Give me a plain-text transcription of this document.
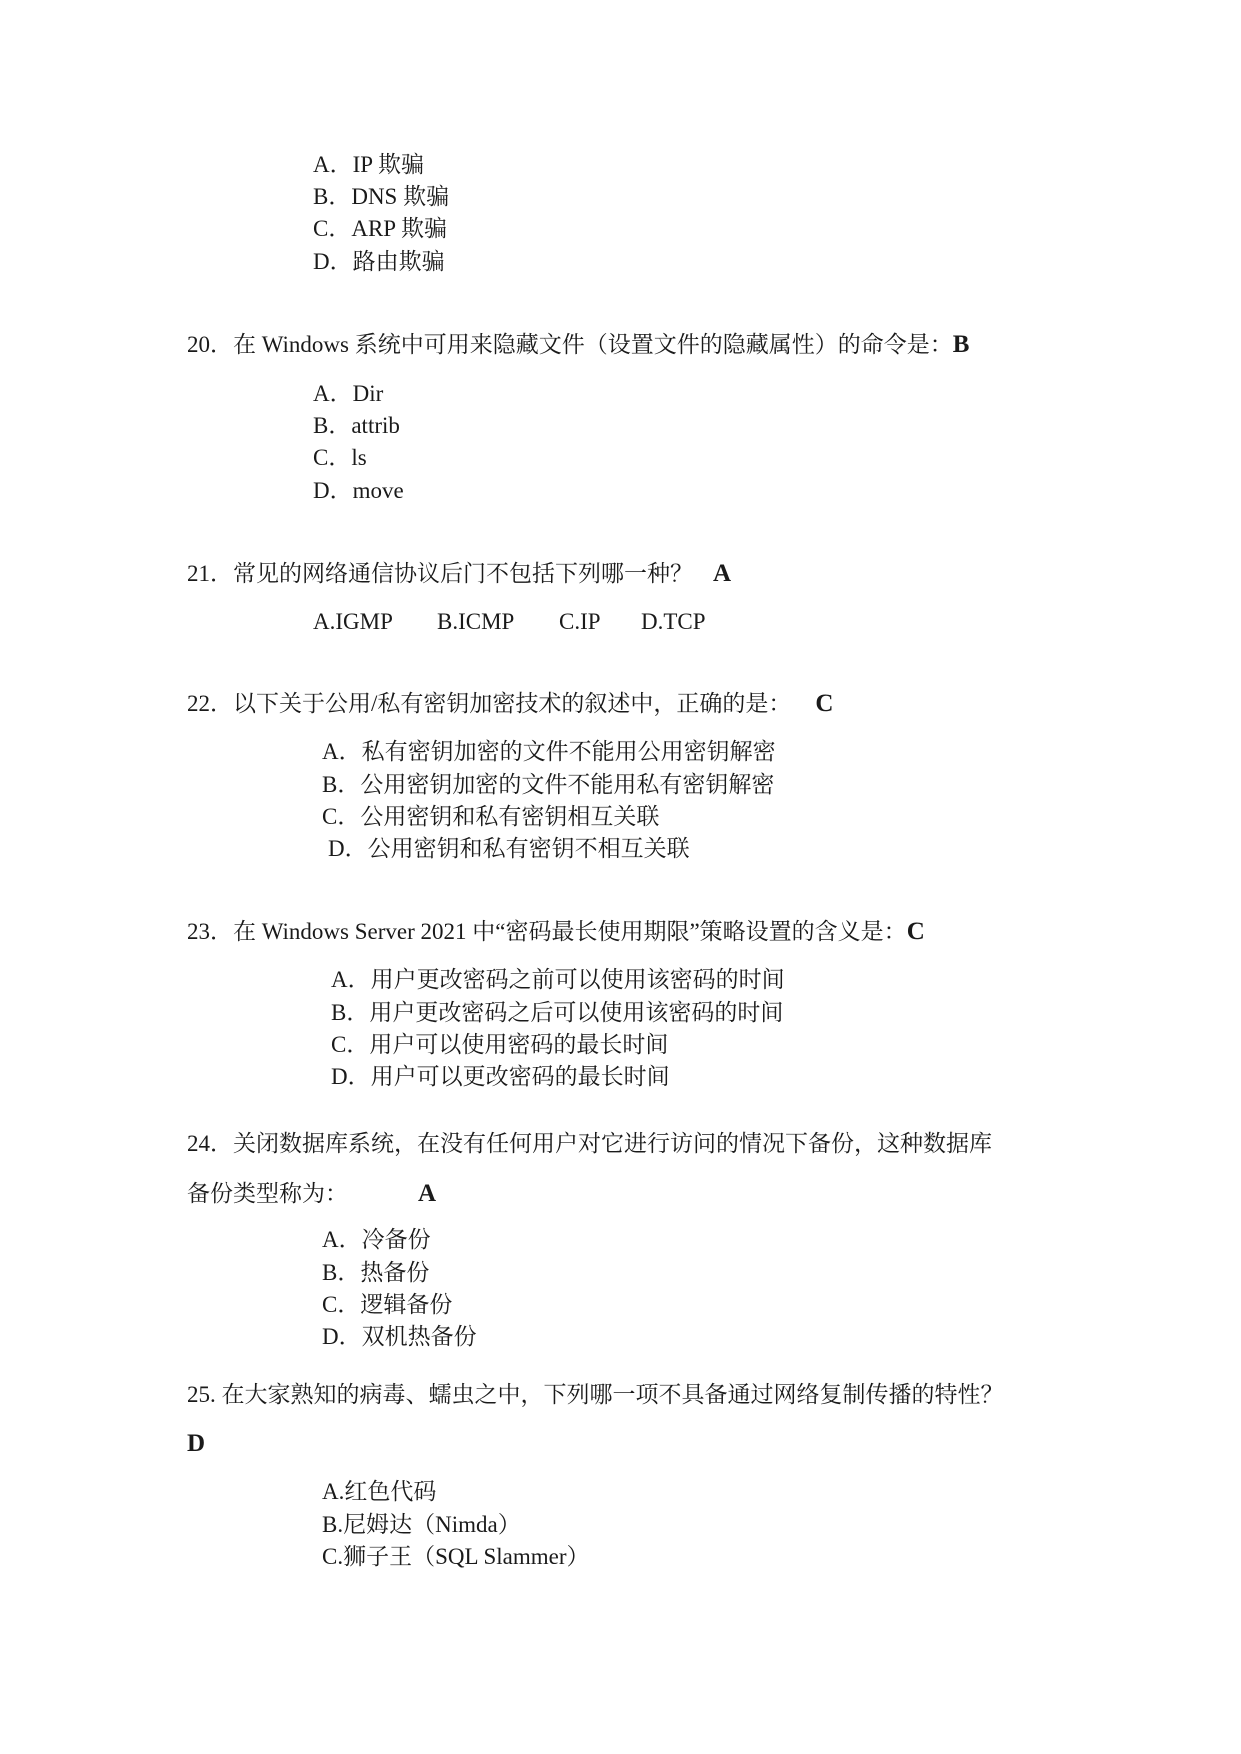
A．IP 欺骗
B．DNS 欺骗
C．ARP 欺骗
D．路由欺骗
20．在 Windows 系统中可用来隐藏文件（设置文件的隐藏属性）的命令是：B
A．Dir
B．attrib
C．ls
D．move
21．常见的网络通信协议后门不包括下列哪一种？ A
A.IGMP B.ICMP C.IP D.TCP
22．以下关于公用/私有密钥加密技术的叙述中，正确的是： C
A．私有密钥加密的文件不能用公用密钥解密
B．公用密钥加密的文件不能用私有密钥解密
C．公用密钥和私有密钥相互关联
D．公用密钥和私有密钥不相互关联
23．在 Windows Server 2021 中“密码最长使用期限”策略设置的含义是：C
A．用户更改密码之前可以使用该密码的时间
B．用户更改密码之后可以使用该密码的时间
C．用户可以使用密码的最长时间
D．用户可以更改密码的最长时间
24．关闭数据库系统，在没有任何用户对它进行访问的情况下备份，这种数据库
备份类型称为：	A
A．冷备份
B．热备份
C．逻辑备份
D．双机热备份
25. 在大家熟知的病毒、蠕虫之中，下列哪一项不具备通过网络复制传播的特性？
D
A.红色代码
B.尼姆达（Nimda）
C.狮子王（SQL Slammer）
